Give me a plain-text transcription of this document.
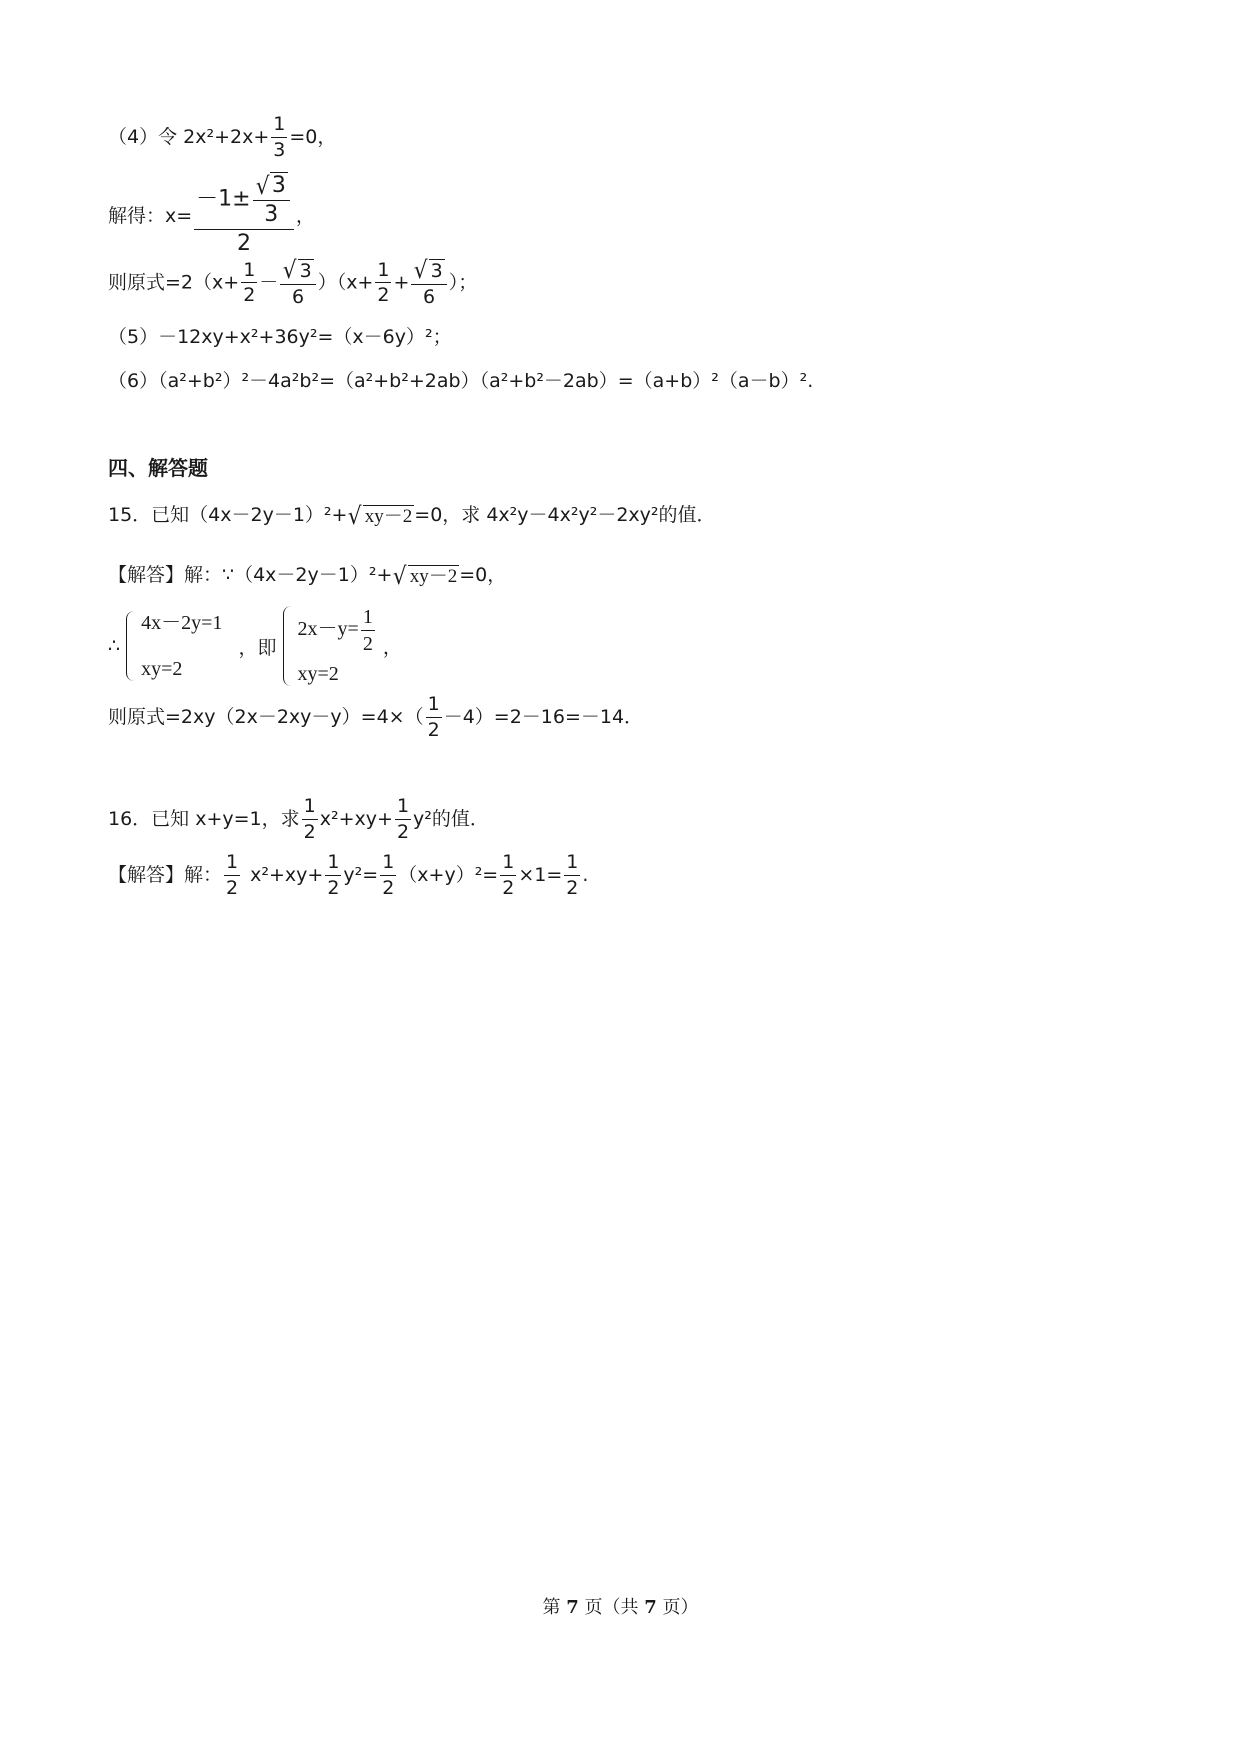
（4）令 $2x^2+2x+ \frac{1}{3} =0$，
解得：$x= \frac{-1\pm \frac{√ 3}{3}}{2}$ ，
则原式$=2(x+ \frac{1}{2} - \frac{√ 3}{6} )(x+ \frac{1}{2} + \frac{√ 3}{6}$ ）；
（5）－12xy+x²+36y²=（x－6y）²；
（6）（a²+b²）²－4a²b²=（a²+b²+2ab）（a²+b²－2ab）=（a+b）²（a－b）².
四、解答题
15．已知（4x－2y－1）²+ √ xy－2 =0，求 4x²y－4x²y²－2xy²的值．
【解答】解：∵（4x－2y－1）²+ √ xy－2 =0，
∴
4x－2y=1
xy=2
，即
$2x-y= \frac{1}{2}$
xy=2
，
则原式$=2xy(2x-2xy-y)=4\times( \frac{1}{2} -4)=2-16=-14$．
16．已知 x+y=1，求 $\frac{1}{2} x^2+xy+ \frac{1}{2} y^2$的值．
【解答】解： $\frac{1}{2} x^2+xy+ \frac{1}{2} y^2= \frac{1}{2} (x+y)^2= \frac{1}{2} \times 1= \frac{1}{2}$ .
第 7 页（共 7 页）
